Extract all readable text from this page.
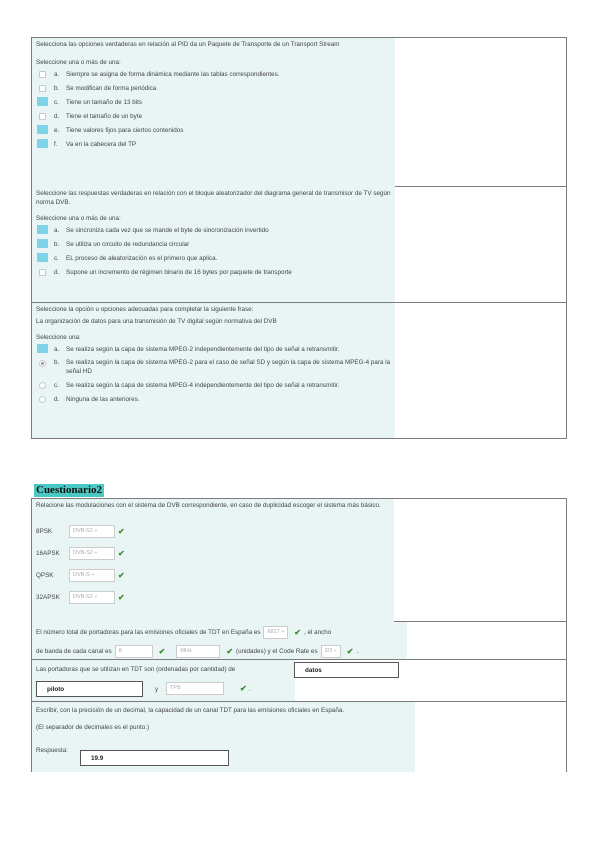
Selecciona las opciones verdaderas en relación al PID da un Paquete de Transporte de un Transport Stream

Seleccione una o más de una:

a. Siempre se asigna de forma dinámica mediante las tablas correspondientes.
b. Se modifican de forma periódica
c. Tiene un tamaño de 13 bits
d. Tiene el tamaño de un byte
e. Tiene valores fijos para ciertos contenidos
f. Va en la cabecera del TP

Seleccione las respuestas verdaderas en relación con el bloque aleatorizador del diagrama general de transmisor de TV según norma DVB.

Seleccione una o más de una:

a. Se sincroniza cada vez que se mande el byte de sincronización invertido
b. Se utiliza un circuito de redundancia circular
c. EL proceso de aleatorización es el primero que aplica.
d. Supone un incremento de régimen binario de 16 bytes por paquete de transporte

Seleccione la opción u opciones adecuadas para completar la siguiente frase:

La organización de datos para una transmisión de TV digital según normativa del DVB

Seleccione una:

a. Se realiza según la capa de sistema MPEG-2 independientemente del tipo de señal a retransmitir.
b. Se realiza según la capa de sistema MPEG-2 para el caso de señal SD y según la capa de sistema MPEG-4 para la señal HD
c. Se realiza según la capa de sistema MPEG-4 independientemente del tipo de señal a retransmitir.
d. Ninguna de las anteriores.
Cuestionario2

Relacione las modulaciones con el sistema de DVB correspondiente, en caso de duplicidad escoger el sistema más básico.

8PSK	DVB-S2 ÷	✔
16APSK	DVB-S2 ÷	✔
QPSK	DVB-S ÷	✔
32APSK	DVB-S2 ÷	✔

El número total de portadoras para las emisiones oficiales de TDT en España es	6817 ÷	✔ , el ancho

de banda de cada canal es	8	✔	MHz	✔ (unidades) y el Code Rate es	2/3 ÷	✔ .

Las portadoras que se utilizan en TDT son (ordenadas por cantidad) de	datos
piloto	y	TPS	✔ .

Escribir, con la precisión de un decimal, la capacidad de un canal TDT para las emisiones oficiales en España.

(El separador de decimales es el punto.)

Respuesta:

19.9
